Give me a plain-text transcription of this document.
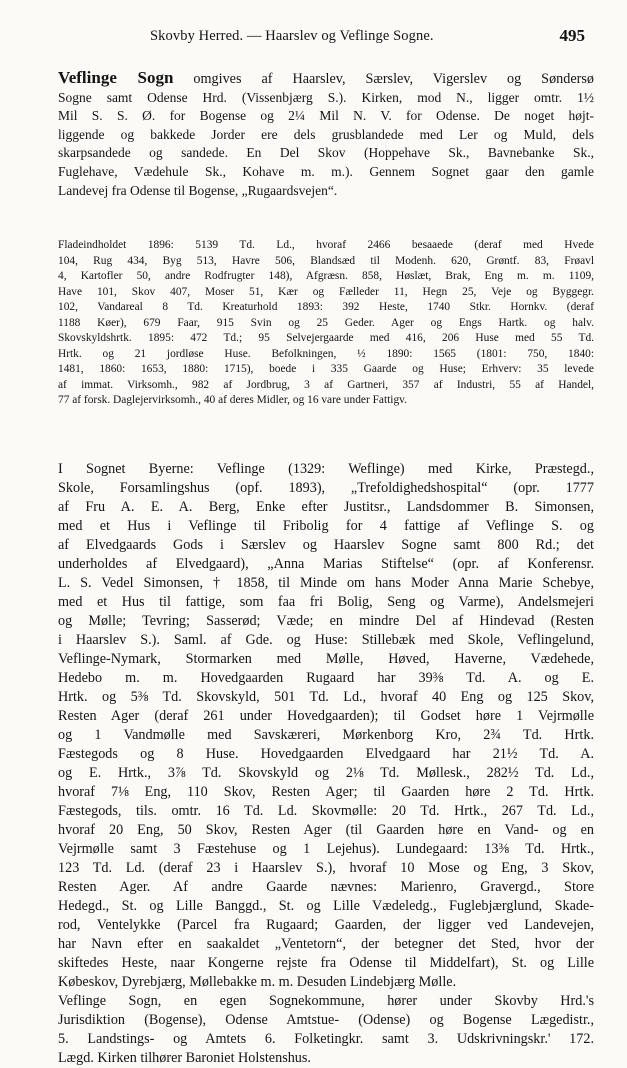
Skovby Herred. — Haarslev og Veflinge Sogne.	495
Veflinge Sogn omgives af Haarslev, Særslev, Vigerslev og Søndersø
Sogne samt Odense Hrd. (Vissenbjærg S.). Kirken, mod N., ligger omtr. 1½
Mil S. S. Ø. for Bogense og 2¼ Mil N. V. for Odense. De noget højt-
liggende og bakkede Jorder ere dels grusblandede med Ler og Muld, dels
skarpsandede og sandede. En Del Skov (Hoppehave Sk., Bavnebanke Sk.,
Fuglehave, Vædehule Sk., Kohave m. m.). Gennem Sognet gaar den gamle
Landevej fra Odense til Bogense, „Rugaardsvejen“.
Fladeindholdet 1896: 5139 Td. Ld., hvoraf 2466 besaaede (deraf med Hvede
104, Rug 434, Byg 513, Havre 506, Blandsæd til Modenh. 620, Grøntf. 83, Frøavl
4, Kartofler 50, andre Rodfrugter 148), Afgræsn. 858, Høslæt, Brak, Eng m. m. 1109,
Have 101, Skov 407, Moser 51, Kær og Fælleder 11, Hegn 25, Veje og Byggegr.
102, Vandareal 8 Td. Kreaturhold 1893: 392 Heste, 1740 Stkr. Hornkv. (deraf
1188 Køer), 679 Faar, 915 Svin og 25 Geder. Ager og Engs Hartk. og halv.
Skovskyldshrtk. 1895: 472 Td.; 95 Selvejergaarde med 416, 206 Huse med 55 Td.
Hrtk. og 21 jordløse Huse. Befolkningen, ½ 1890: 1565 (1801: 750, 1840:
1481, 1860: 1653, 1880: 1715), boede i 335 Gaarde og Huse; Erhverv: 35 levede
af immat. Virksomh., 982 af Jordbrug, 3 af Gartneri, 357 af Industri, 55 af Handel,
77 af forsk. Daglejervirksomh., 40 af deres Midler, og 16 vare under Fattigv.
I Sognet Byerne: Veflinge (1329: Weflinge) med Kirke, Præstegd.,
Skole, Forsamlingshus (opf. 1893), „Trefoldighedshospital“ (opr. 1777
af Fru A. E. A. Berg, Enke efter Justitsr., Landsdommer B. Simonsen,
med et Hus i Veflinge til Fribolig for 4 fattige af Veflinge S. og
af Elvedgaards Gods i Særslev og Haarslev Sogne samt 800 Rd.; det
underholdes af Elvedgaard), „Anna Marias Stiftelse“ (opr. af Konferensr.
L. S. Vedel Simonsen, † 1858, til Minde om hans Moder Anna Marie Schebye,
med et Hus til fattige, som faa fri Bolig, Seng og Varme), Andelsmejeri
og Mølle; Tevring; Sasserød; Væde; en mindre Del af Hindevad (Resten
i Haarslev S.). Saml. af Gde. og Huse: Stillebæk med Skole, Veflingelund,
Veflinge-Nymark, Stormarken med Mølle, Høved, Haverne, Vædehede,
Hedebo m. m. Hovedgaarden Rugaard har 39⅜ Td. A. og E.
Hrtk. og 5⅜ Td. Skovskyld, 501 Td. Ld., hvoraf 40 Eng og 125 Skov,
Resten Ager (deraf 261 under Hovedgaarden); til Godset høre 1 Vejrmølle
og 1 Vandmølle med Savskæreri, Mørkenborg Kro, 2¾ Td. Hrtk.
Fæstegods og 8 Huse. Hovedgaarden Elvedgaard har 21½ Td. A.
og E. Hrtk., 3⅞ Td. Skovskyld og 2⅛ Td. Møllesk., 282½ Td. Ld.,
hvoraf 7⅛ Eng, 110 Skov, Resten Ager; til Gaarden høre 2 Td. Hrtk.
Fæstegods, tils. omtr. 16 Td. Ld. Skovmølle: 20 Td. Hrtk., 267 Td. Ld.,
hvoraf 20 Eng, 50 Skov, Resten Ager (til Gaarden høre en Vand- og en
Vejrmølle samt 3 Fæstehuse og 1 Lejehus). Lundegaard: 13⅜ Td. Hrtk.,
123 Td. Ld. (deraf 23 i Haarslev S.), hvoraf 10 Mose og Eng, 3 Skov,
Resten Ager. Af andre Gaarde nævnes: Marienro, Gravergd., Store
Hedegd., St. og Lille Banggd., St. og Lille Vædeledg., Fuglebjærglund, Skade-
rod, Ventelykke (Parcel fra Rugaard; Gaarden, der ligger ved Landevejen,
har Navn efter en saakaldet „Ventetorn“, der betegner det Sted, hvor der
skiftedes Heste, naar Kongerne rejste fra Odense til Middelfart), St. og Lille
Købeskov, Dyrebjærg, Møllebakke m. m. Desuden Lindebjærg Mølle.
Veflinge Sogn, en egen Sognekommune, hører under Skovby Hrd.'s
Jurisdiktion (Bogense), Odense Amtstue- (Odense) og Bogense Lægedistr.,
5. Landstings- og Amtets 6. Folketingkr. samt 3. Udskrivningskr.' 172.
Lægd. Kirken tilhører Baroniet Holstenshus.
